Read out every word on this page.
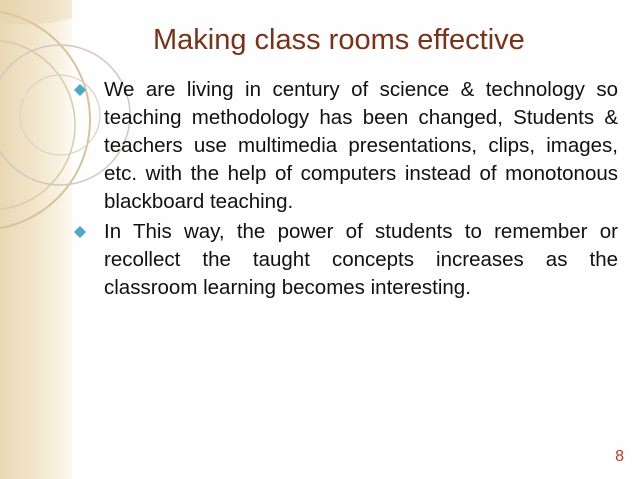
Making class rooms effective
We are living in century of science & technology so teaching methodology has been changed, Students & teachers use multimedia presentations, clips, images, etc. with the help of computers instead of monotonous blackboard teaching.
In This way, the power of students to remember or recollect the taught concepts increases as the classroom learning becomes interesting.
8
